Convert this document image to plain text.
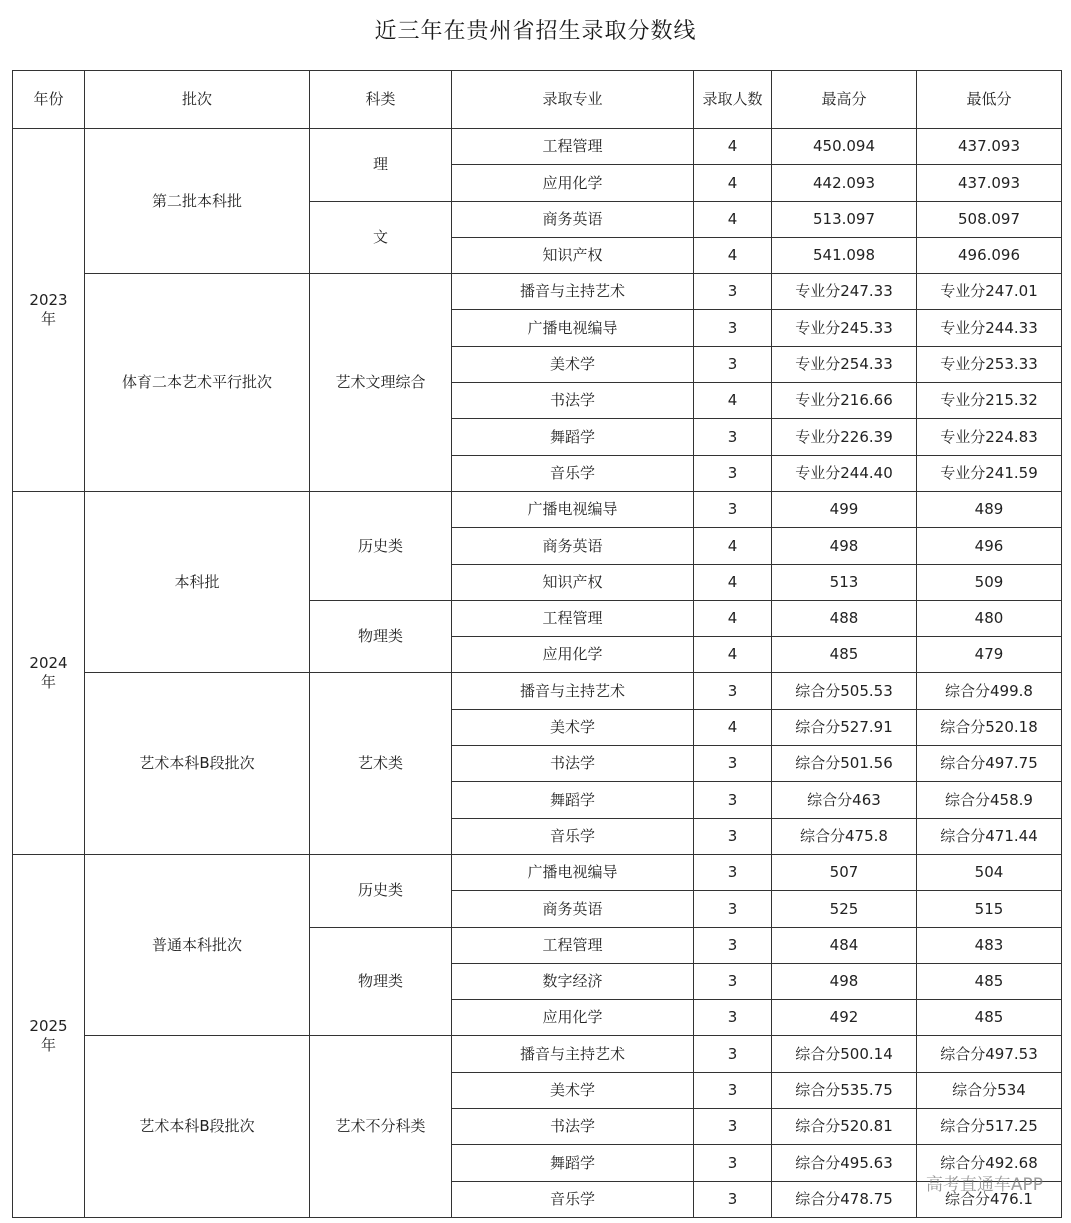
近三年在贵州省招生录取分数线
年份	批次	科类	录取专业	录取人数	最高分	最低分
2023 年	第二批本科批	理	工程管理	4	450.094	437.093
			应用化学	4	442.093	437.093
		文	商务英语	4	513.097	508.097
			知识产权	4	541.098	496.096
	体育二本艺术平行批次	艺术文理综合	播音与主持艺术	3	专业分247.33	专业分247.01
			广播电视编导	3	专业分245.33	专业分244.33
			美术学	3	专业分254.33	专业分253.33
			书法学	4	专业分216.66	专业分215.32
			舞蹈学	3	专业分226.39	专业分224.83
			音乐学	3	专业分244.40	专业分241.59
2024 年	本科批	历史类	广播电视编导	3	499	489
			商务英语	4	498	496
			知识产权	4	513	509
		物理类	工程管理	4	488	480
			应用化学	4	485	479
	艺术本科B段批次	艺术类	播音与主持艺术	3	综合分505.53	综合分499.8
			美术学	4	综合分527.91	综合分520.18
			书法学	3	综合分501.56	综合分497.75
			舞蹈学	3	综合分463	综合分458.9
			音乐学	3	综合分475.8	综合分471.44
2025 年	普通本科批次	历史类	广播电视编导	3	507	504
			商务英语	3	525	515
		物理类	工程管理	3	484	483
			数字经济	3	498	485
			应用化学	3	492	485
	艺术本科B段批次	艺术不分科类	播音与主持艺术	3	综合分500.14	综合分497.53
			美术学	3	综合分535.75	综合分534
			书法学	3	综合分520.81	综合分517.25
			舞蹈学	3	综合分495.63	综合分492.68
			音乐学	3	综合分478.75	综合分476.1
高考直通车APP
